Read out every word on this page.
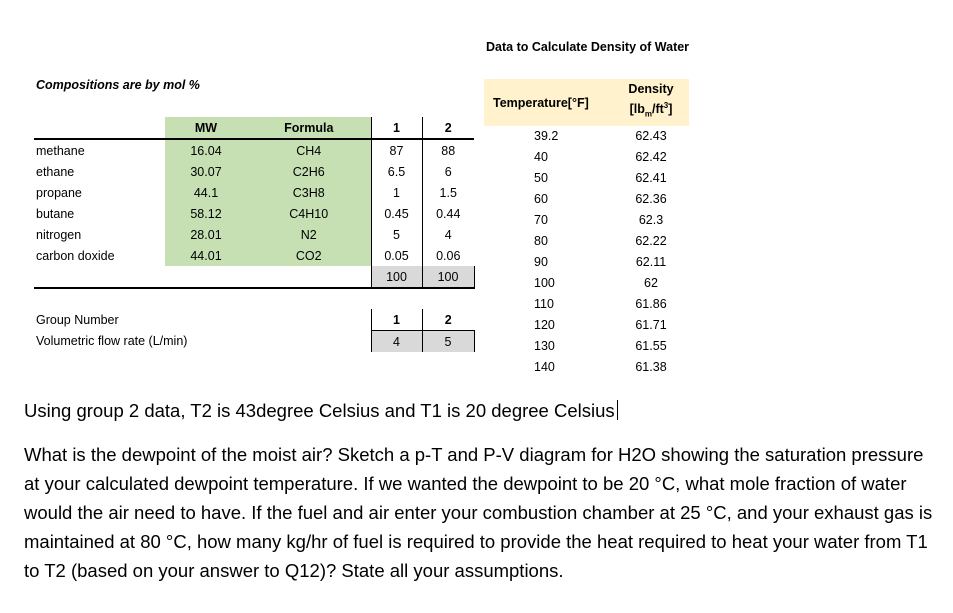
Data to Calculate Density of Water
Temperature[°F]
Density
$[lb_m/ft^3]$
39.2	62.43
40	62.42
50	62.41
60	62.36
70	62.3
80	62.22
90	62.11
100	62
110	61.86
120	61.71
130	61.55
140	61.38
Compositions are by mol %
	MW	Formula	1	2
methane	16.04	CH4	87	88
ethane	30.07	C2H6	6.5	6
propane	44.1	C3H8	1	1.5
butane	58.12	C4H10	0.45	0.44
nitrogen	28.01	N2	5	4
carbon doxide	44.01	CO2	0.05	0.06
			100	100
Group Number	1	2
Volumetric flow rate (L/min)	4	5

Using group 2 data, T2 is 43degree Celsius and T1 is 20 degree Celsius

What is the dewpoint of the moist air? Sketch a p-T and P-V diagram for H2O showing the saturation pressure at your calculated dewpoint temperature. If we wanted the dewpoint to be 20 °C, what mole fraction of water would the air need to have. If the fuel and air enter your combustion chamber at 25 °C, and your exhaust gas is maintained at 80 °C, how many kg/hr of fuel is required to provide the heat required to heat your water from T1 to T2 (based on your answer to Q12)? State all your assumptions.
